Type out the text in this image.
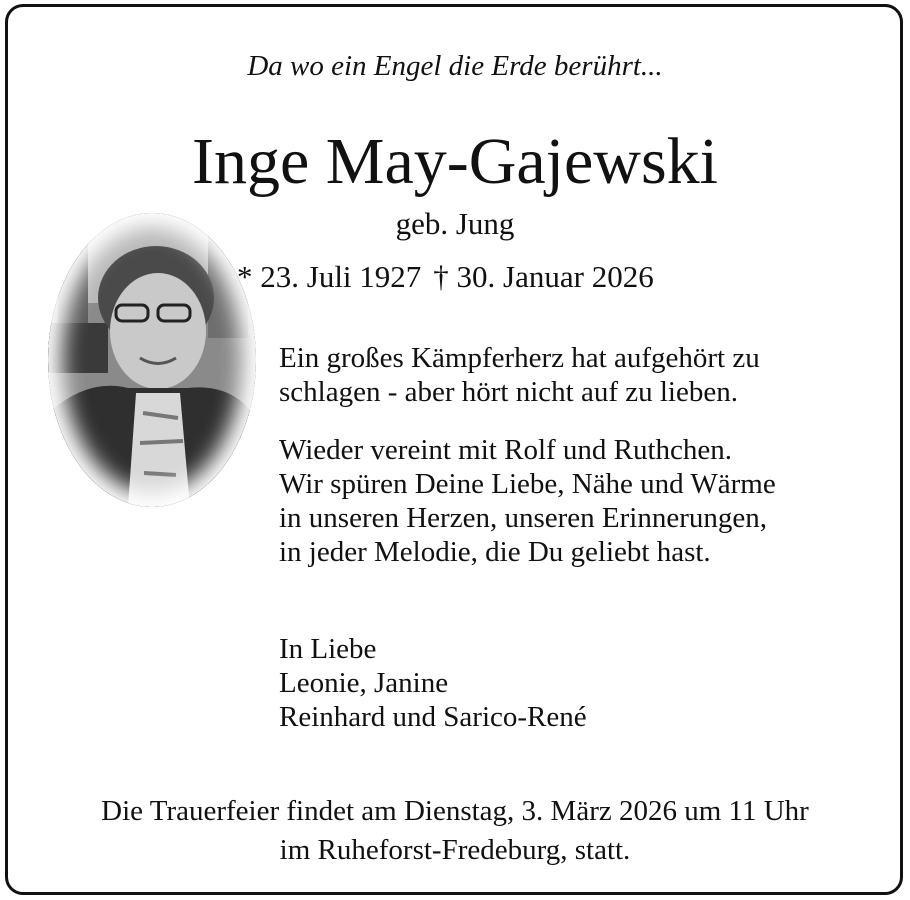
Da wo ein Engel die Erde berührt...
Inge May-Gajewski
geb. Jung
* 23. Juli 1927 † 30. Januar 2026
Ein großes Kämpferherz hat aufgehört zu
schlagen - aber hört nicht auf zu lieben.
Wieder vereint mit Rolf und Ruthchen.
Wir spüren Deine Liebe, Nähe und Wärme
in unseren Herzen, unseren Erinnerungen,
in jeder Melodie, die Du geliebt hast.
In Liebe
Leonie, Janine
Reinhard und Sarico-René
Die Trauerfeier findet am Dienstag, 3. März 2026 um 11 Uhr
im Ruheforst-Fredeburg, statt.
